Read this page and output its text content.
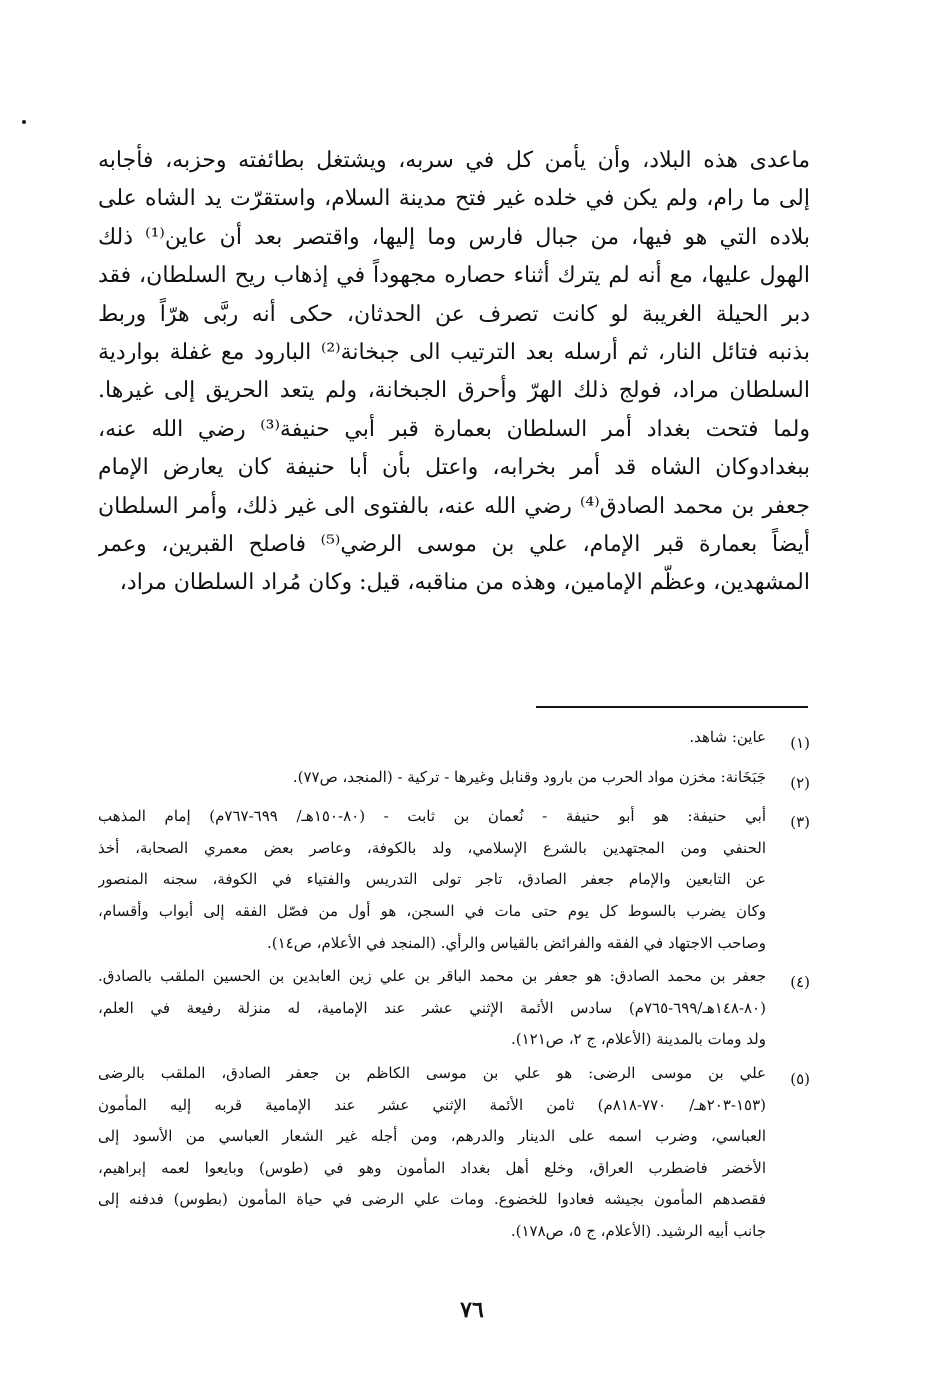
ماعدى هذه البلاد، وأن يأمن كل في سربه، ويشتغل بطائفته وحزبه، فأجابه
إلى ما رام، ولم يكن في خلده غير فتح مدينة السلام، واستقرّت يد الشاه على
بلاده التي هو فيها، من جبال فارس وما إليها، واقتصر بعد أن عاين⁽¹⁾ ذلك
الهول عليها، مع أنه لم يترك أثناء حصاره مجهوداً في إذهاب ريح السلطان، فقد
دبر الحيلة الغريبة لو كانت تصرف عن الحدثان، حكى أنه ربَّى هرّاً وربط
بذنبه فتائل النار، ثم أرسله بعد الترتيب الى جبخانة⁽²⁾ البارود مع غفلة بواردية
السلطان مراد، فولج ذلك الهرّ وأحرق الجبخانة، ولم يتعد الحريق إلى غيرها.
ولما فتحت بغداد أمر السلطان بعمارة قبر أبي حنيفة⁽³⁾ رضي الله عنه،
ببغدادوكان الشاه قد أمر بخرابه، واعتل بأن أبا حنيفة كان يعارض الإمام
جعفر بن محمد الصادق⁽⁴⁾ رضي الله عنه، بالفتوى الى غير ذلك، وأمر السلطان
أيضاً بعمارة قبر الإمام، علي بن موسى الرضي⁽⁵⁾ فاصلح القبرين، وعمر
المشهدين، وعظّم الإمامين، وهذه من مناقبه، قيل: وكان مُراد السلطان مراد،
(١)
عاين: شاهد.
(٢)
جَبَخَانة: مخزن مواد الحرب من بارود وقنابل وغيرها - تركية - (المنجد، ص٧٧).
(٣)
أبي حنيفة: هو أبو حنيفة - نُعمان بن ثابت - (٨٠-١٥٠هـ/ ٦٩٩-٧٦٧م) إمام المذهب
الحنفي ومن المجتهدين بالشرع الإسلامي، ولد بالكوفة، وعاصر بعض معمري الصحابة، أخذ
عن التابعين والإمام جعفر الصادق، تاجر تولى التدريس والفتياء في الكوفة، سجنه المنصور
وكان يضرب بالسوط كل يوم حتى مات في السجن، هو أول من فصّل الفقه إلى أبواب وأقسام،
وصاحب الاجتهاد في الفقه والفرائض بالقياس والرأي. (المنجد في الأعلام، ص١٤).
(٤)
جعفر بن محمد الصادق: هو جعفر بن محمد الباقر بن علي زين العابدين بن الحسين الملقب بالصادق.
(٨٠-١٤٨هـ/٦٩٩-٧٦٥م) سادس الأئمة الإثني عشر عند الإمامية، له منزلة رفيعة في العلم،
ولد ومات بالمدينة (الأعلام، ج ٢، ص١٢١).
(٥)
علي بن موسى الرضى: هو علي بن موسى الكاظم بن جعفر الصادق، الملقب بالرضى
(١٥٣-٢٠٣هـ/ ٧٧٠-٨١٨م) ثامن الأئمة الإثني عشر عند الإمامية قربه إليه المأمون
العباسي، وضرب اسمه على الدينار والدرهم، ومن أجله غير الشعار العباسي من الأسود إلى
الأخضر فاضطرب العراق، وخلع أهل بغداد المأمون وهو في (طوس) وبايعوا لعمه إبراهيم،
فقصدهم المأمون بجيشه فعادوا للخضوع. ومات علي الرضى في حياة المأمون (بطوس) فدفنه إلى
جانب أبيه الرشيد. (الأعلام، ج ٥، ص١٧٨).
٧٦
